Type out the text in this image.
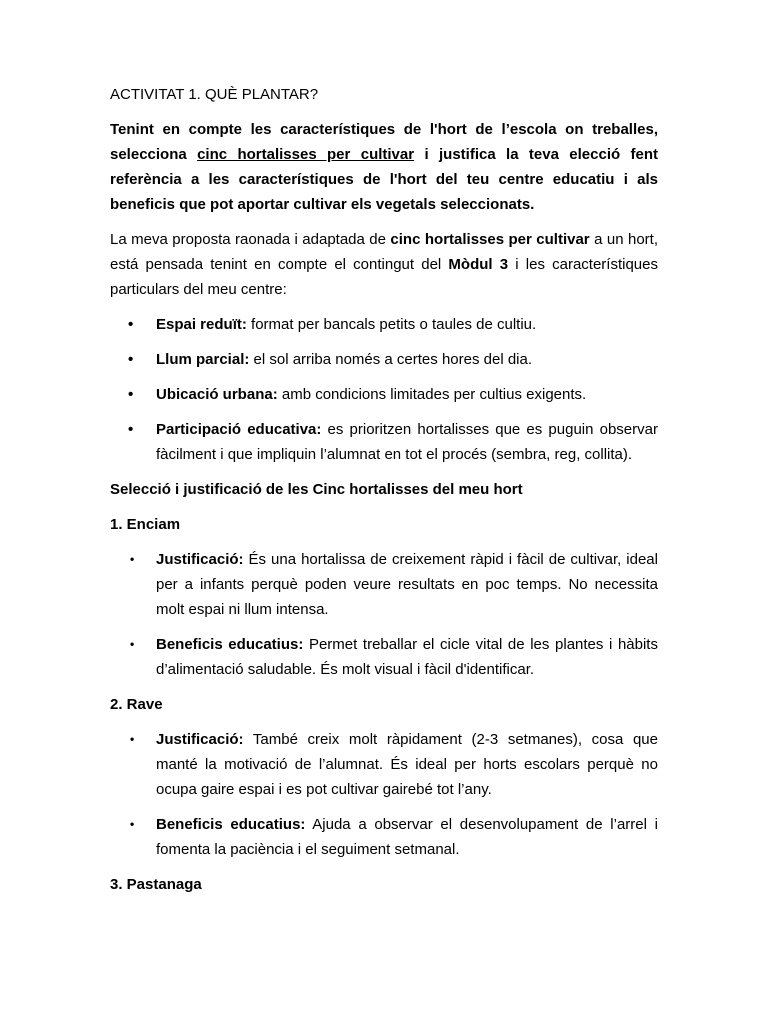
ACTIVITAT 1. QUÈ PLANTAR?

Tenint en compte les característiques de l'hort de l’escola on treballes, selecciona cinc hortalisses per cultivar i justifica la teva elecció fent referència a les característiques de l'hort del teu centre educatiu i als beneficis que pot aportar cultivar els vegetals seleccionats.

La meva proposta raonada i adaptada de cinc hortalisses per cultivar a un hort, está pensada tenint en compte el contingut del Mòdul 3 i les característiques particulars del meu centre:

• Espai reduït: format per bancals petits o taules de cultiu.
• Llum parcial: el sol arriba només a certes hores del dia.
• Ubicació urbana: amb condicions limitades per cultius exigents.
• Participació educativa: es prioritzen hortalisses que es puguin observar fàcilment i que impliquin l’alumnat en tot el procés (sembra, reg, collita).

Selecció i justificació de les Cinc hortalisses del meu hort

1. Enciam

• Justificació: És una hortalissa de creixement ràpid i fàcil de cultivar, ideal per a infants perquè poden veure resultats en poc temps. No necessita molt espai ni llum intensa.
• Beneficis educatius: Permet treballar el cicle vital de les plantes i hàbits d’alimentació saludable. És molt visual i fàcil d'identificar.

2. Rave

• Justificació: També creix molt ràpidament (2-3 setmanes), cosa que manté la motivació de l’alumnat. És ideal per horts escolars perquè no ocupa gaire espai i es pot cultivar gairebé tot l’any.
• Beneficis educatius: Ajuda a observar el desenvolupament de l’arrel i fomenta la paciència i el seguiment setmanal.

3. Pastanaga
